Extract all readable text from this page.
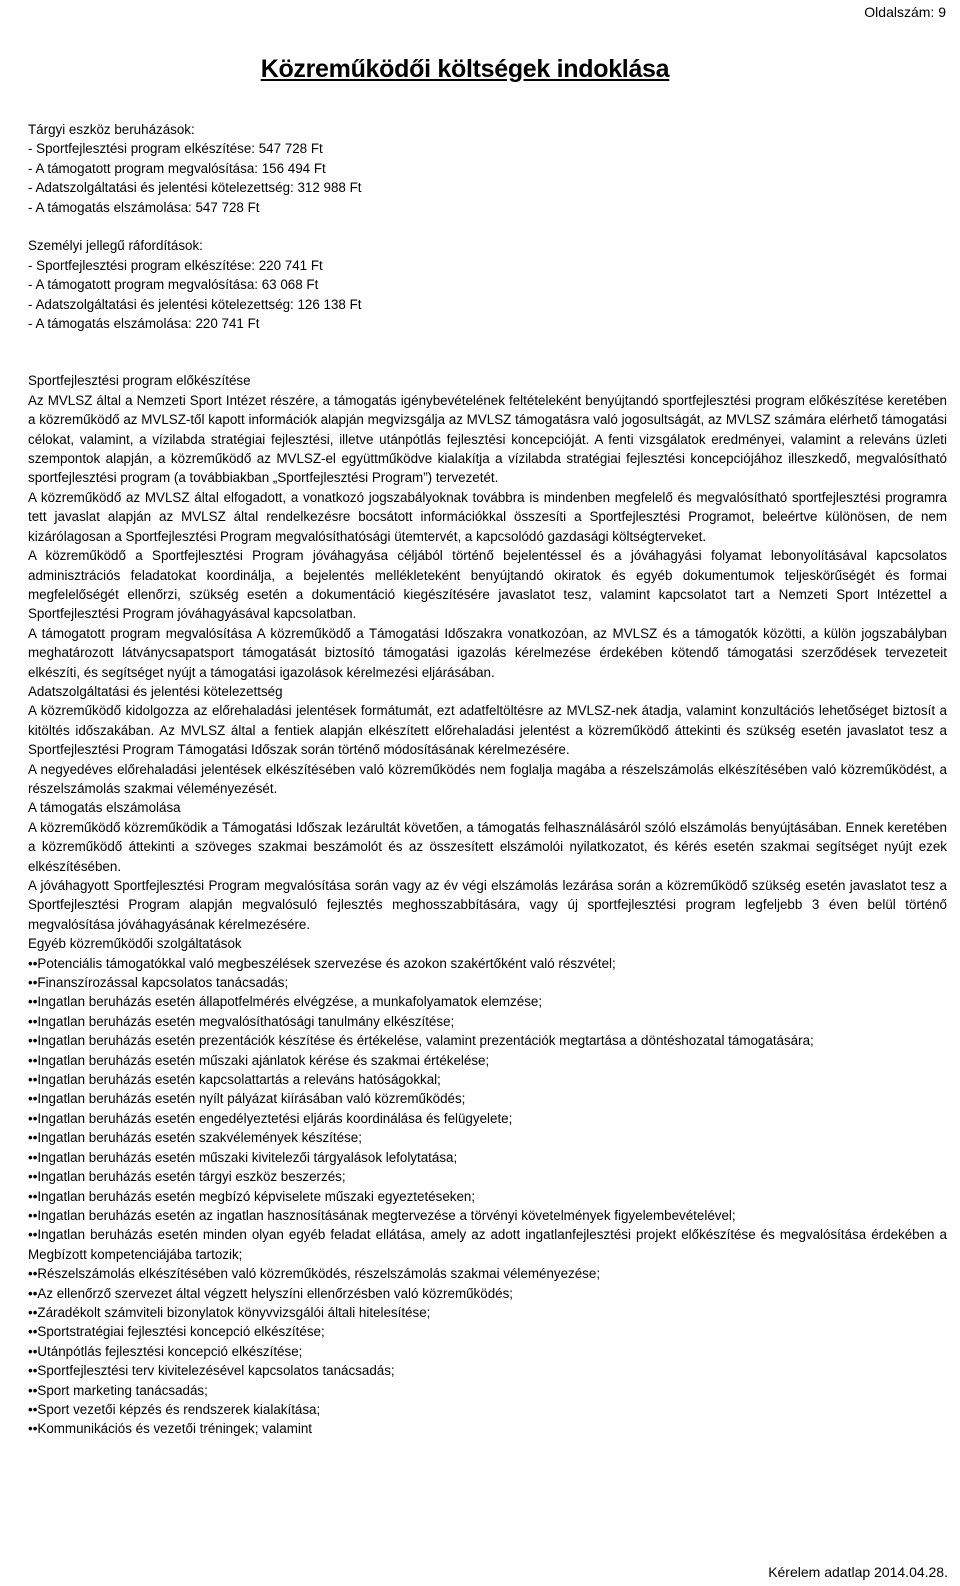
Oldalszám: 9
Közreműködői költségek indoklása

Tárgyi eszköz beruházások:

- Sportfejlesztési program elkészítése: 547 728 Ft

- A támogatott program megvalósítása: 156 494 Ft

- Adatszolgáltatási és jelentési kötelezettség: 312 988 Ft

- A támogatás elszámolása: 547 728 Ft

Személyi jellegű ráfordítások:

- Sportfejlesztési program elkészítése: 220 741 Ft

- A támogatott program megvalósítása: 63 068 Ft

- Adatszolgáltatási és jelentési kötelezettség: 126 138 Ft

- A támogatás elszámolása: 220 741 Ft

Sportfejlesztési program előkészítése

Az MVLSZ által a Nemzeti Sport Intézet részére, a támogatás igénybevételének feltételeként benyújtandó sportfejlesztési program előkészítése keretében a közreműködő az MVLSZ-től kapott információk alapján megvizsgálja az MVLSZ támogatásra való jogosultságát, az MVLSZ számára elérhető támogatási célokat, valamint, a vízilabda stratégiai fejlesztési, illetve utánpótlás fejlesztési koncepcióját. A fenti vizsgálatok eredményei, valamint a releváns üzleti szempontok alapján, a közreműködő az MVLSZ-el együttműködve kialakítja a vízilabda stratégiai fejlesztési koncepciójához illeszkedő, megvalósítható sportfejlesztési program (a továbbiakban „Sportfejlesztési Program”) tervezetét.

A közreműködő az MVLSZ által elfogadott, a vonatkozó jogszabályoknak továbbra is mindenben megfelelő és megvalósítható sportfejlesztési programra tett javaslat alapján az MVLSZ által rendelkezésre bocsátott információkkal összesíti a Sportfejlesztési Programot, beleértve különösen, de nem kizárólagosan a Sportfejlesztési Program megvalósíthatósági ütemtervét, a kapcsolódó gazdasági költségterveket.

A közreműködő a Sportfejlesztési Program jóváhagyása céljából történő bejelentéssel és a jóváhagyási folyamat lebonyolításával kapcsolatos adminisztrációs feladatokat koordinálja, a bejelentés mellékleteként benyújtandó okiratok és egyéb dokumentumok teljeskörűségét és formai megfelelőségét ellenőrzi, szükség esetén a dokumentáció kiegészítésére javaslatot tesz, valamint kapcsolatot tart a Nemzeti Sport Intézettel a Sportfejlesztési Program jóváhagyásával kapcsolatban.

A támogatott program megvalósítása A közreműködő a Támogatási Időszakra vonatkozóan, az MVLSZ és a támogatók közötti, a külön jogszabályban meghatározott látványcsapatsport támogatását biztosító támogatási igazolás kérelmezése érdekében kötendő támogatási szerződések tervezeteit elkészíti, és segítséget nyújt a támogatási igazolások kérelmezési eljárásában.

Adatszolgáltatási és jelentési kötelezettség

A közreműködő kidolgozza az előrehaladási jelentések formátumát, ezt adatfeltöltésre az MVLSZ-nek átadja, valamint konzultációs lehetőséget biztosít a kitöltés időszakában. Az MVLSZ által a fentiek alapján elkészített előrehaladási jelentést a közreműködő áttekinti és szükség esetén javaslatot tesz a Sportfejlesztési Program Támogatási Időszak során történő módosításának kérelmezésére.

A negyedéves előrehaladási jelentések elkészítésében való közreműködés nem foglalja magába a részelszámolás elkészítésében való közreműködést, a részelszámolás szakmai véleményezését.

A támogatás elszámolása

A közreműködő közreműködik a Támogatási Időszak lezárultát követően, a támogatás felhasználásáról szóló elszámolás benyújtásában. Ennek keretében a közreműködő áttekinti a szöveges szakmai beszámolót és az összesített elszámolói nyilatkozatot, és kérés esetén szakmai segítséget nyújt ezek elkészítésében.

A jóváhagyott Sportfejlesztési Program megvalósítása során vagy az év végi elszámolás lezárása során a közreműködő szükség esetén javaslatot tesz a Sportfejlesztési Program alapján megvalósuló fejlesztés meghosszabbítására, vagy új sportfejlesztési program legfeljebb 3 éven belül történő megvalósítása jóváhagyásának kérelmezésére.

Egyéb közreműködői szolgáltatások

••Potenciális támogatókkal való megbeszélések szervezése és azokon szakértőként való részvétel;
••Finanszírozással kapcsolatos tanácsadás;
••Ingatlan beruházás esetén állapotfelmérés elvégzése, a munkafolyamatok elemzése;
••Ingatlan beruházás esetén megvalósíthatósági tanulmány elkészítése;
••Ingatlan beruházás esetén prezentációk készítése és értékelése, valamint prezentációk megtartása a döntéshozatal támogatására;
••Ingatlan beruházás esetén műszaki ajánlatok kérése és szakmai értékelése;
••Ingatlan beruházás esetén kapcsolattartás a releváns hatóságokkal;
••Ingatlan beruházás esetén nyílt pályázat kiírásában való közreműködés;
••Ingatlan beruházás esetén engedélyeztetési eljárás koordinálása és felügyelete;
••Ingatlan beruházás esetén szakvélemények készítése;
••Ingatlan beruházás esetén műszaki kivitelezői tárgyalások lefolytatása;
••Ingatlan beruházás esetén tárgyi eszköz beszerzés;
••Ingatlan beruházás esetén megbízó képviselete műszaki egyeztetéseken;
••Ingatlan beruházás esetén az ingatlan hasznosításának megtervezése a törvényi követelmények figyelembevételével;
••Ingatlan beruházás esetén minden olyan egyéb feladat ellátása, amely az adott ingatlanfejlesztési projekt előkészítése és megvalósítása érdekében a Megbízott kompetenciájába tartozik;
••Részelszámolás elkészítésében való közreműködés, részelszámolás szakmai véleményezése;
••Az ellenőrző szervezet által végzett helyszíni ellenőrzésben való közreműködés;
••Záradékolt számviteli bizonylatok könyvvizsgálói általi hitelesítése;
••Sportstratégiai fejlesztési koncepció elkészítése;
••Utánpótlás fejlesztési koncepció elkészítése;
••Sportfejlesztési terv kivitelezésével kapcsolatos tanácsadás;
••Sport marketing tanácsadás;
••Sport vezetői képzés és rendszerek kialakítása;
••Kommunikációs és vezetői tréningek; valamint
Kérelem adatlap 2014.04.28.
